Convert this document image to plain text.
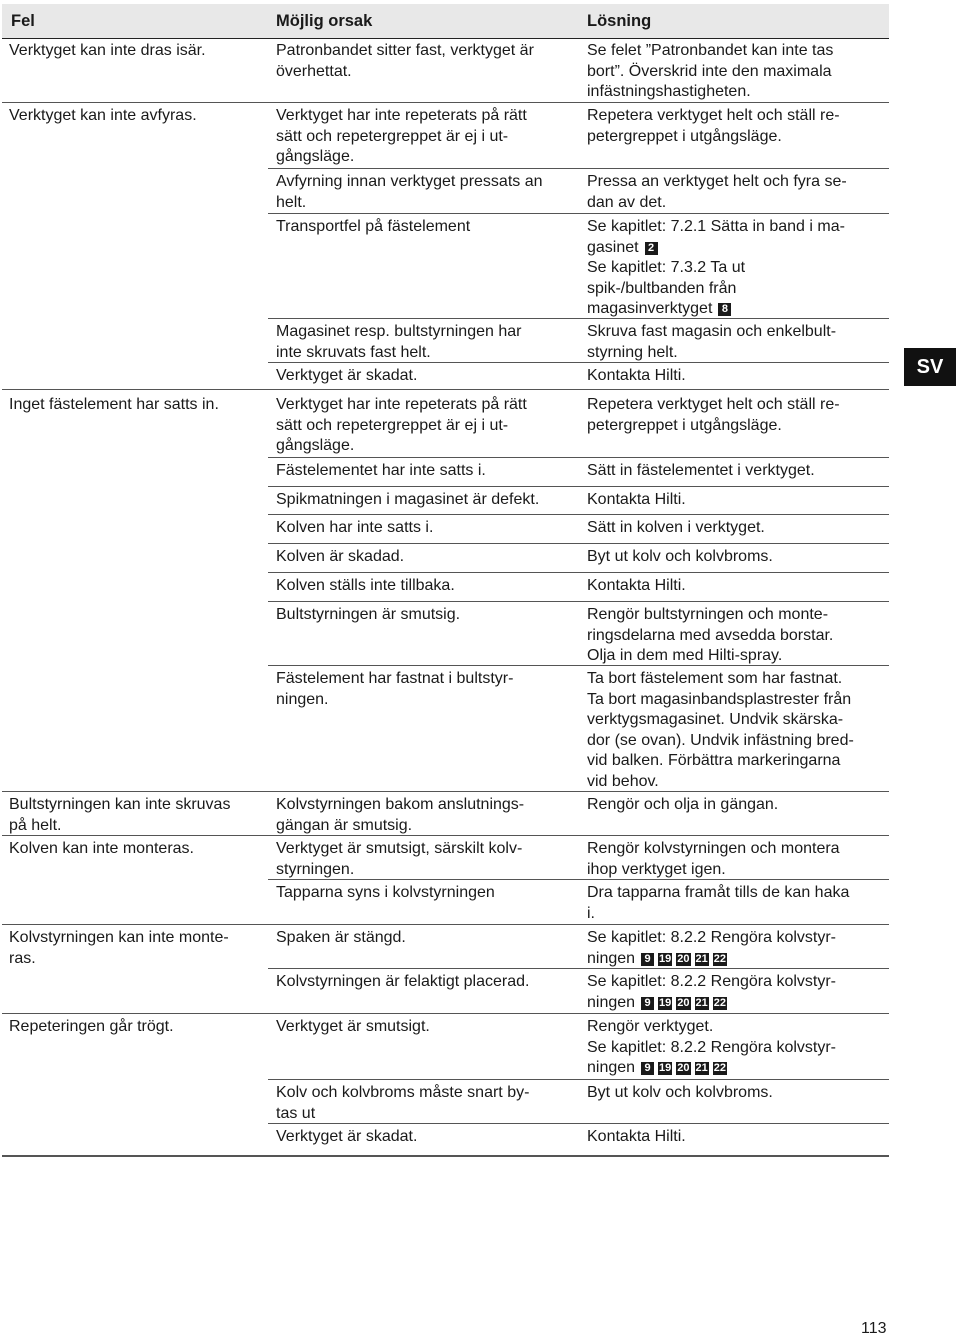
Fel	Möjlig orsak	Lösning
Verktyget kan inte dras isär.
Verktyget kan inte avfyras.
Inget fästelement har satts in.
Bultstyrningen kan inte skruvas
på helt.
Kolven kan inte monteras.
Kolvstyrningen kan inte monte-
ras.
Repeteringen går trögt.
Patronbandet sitter fast, verktyget är
överhettat.
Verktyget har inte repeterats på rätt
sätt och repetergreppet är ej i ut-
gångsläge.
Avfyrning innan verktyget pressats an
helt.
Transportfel på fästelement
Magasinet resp. bultstyrningen har
inte skruvats fast helt.
Verktyget är skadat.
Verktyget har inte repeterats på rätt
sätt och repetergreppet är ej i ut-
gångsläge.
Fästelementet har inte satts i.
Spikmatningen i magasinet är defekt.
Kolven har inte satts i.
Kolven är skadad.
Kolven ställs inte tillbaka.
Bultstyrningen är smutsig.
Fästelement har fastnat i bultstyr-
ningen.
Kolvstyrningen bakom anslutnings-
gängan är smutsig.
Verktyget är smutsigt, särskilt kolv-
styrningen.
Tapparna syns i kolvstyrningen
Spaken är stängd.
Kolvstyrningen är felaktigt placerad.
Verktyget är smutsigt.
Kolv och kolvbroms måste snart by-
tas ut
Verktyget är skadat.
Se felet ”Patronbandet kan inte tas
bort”. Överskrid inte den maximala
infästningshastigheten.
Repetera verktyget helt och ställ re-
petergreppet i utgångsläge.
Pressa an verktyget helt och fyra se-
dan av det.
Se kapitlet: 7.2.1 Sätta in band i ma-
gasinet 2
Se kapitlet: 7.3.2 Ta ut
spik-/bultbanden från
magasinverktyget 8
Skruva fast magasin och enkelbult-
styrning helt.
Kontakta Hilti.
Repetera verktyget helt och ställ re-
petergreppet i utgångsläge.
Sätt in fästelementet i verktyget.
Kontakta Hilti.
Sätt in kolven i verktyget.
Byt ut kolv och kolvbroms.
Kontakta Hilti.
Rengör bultstyrningen och monte-
ringsdelarna med avsedda borstar.
Olja in dem med Hilti-spray.
Ta bort fästelement som har fastnat.
Ta bort magasinbandsplastrester från
verktygsmagasinet. Undvik skärska-
dor (se ovan). Undvik infästning bred-
vid balken. Förbättra markeringarna
vid behov.
Rengör och olja in gängan.
Rengör kolvstyrningen och montera
ihop verktyget igen.
Dra tapparna framåt tills de kan haka
i.
Se kapitlet: 8.2.2 Rengöra kolvstyr-
ningen 9 19 20 21 22
Se kapitlet: 8.2.2 Rengöra kolvstyr-
ningen 9 19 20 21 22
Rengör verktyget.
Se kapitlet: 8.2.2 Rengöra kolvstyr-
ningen 9 19 20 21 22
Byt ut kolv och kolvbroms.
Kontakta Hilti.
SV
113
